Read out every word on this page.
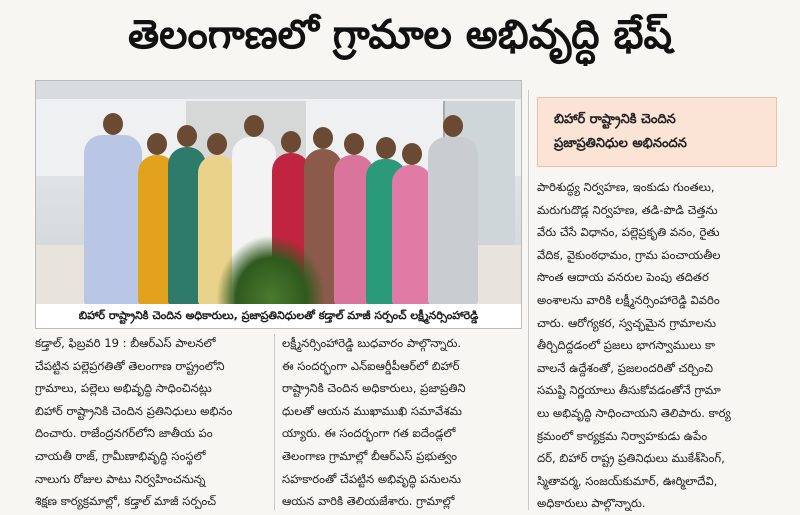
తెలంగాణలో గ్రామాల అభివృద్ధి భేష్
బిహార్ రాష్ట్రానికి చెందిన అధికారులు, ప్రజాప్రతినిధులతో కడ్తాల్ మాజీ సర్పంచ్ లక్ష్మీనర్సింహారెడ్డి
బిహార్ రాష్ట్రానికి చెందిన
ప్రజాప్రతినిధుల అభినందన

కడ్తాల్, ఫిబ్రవరి 19 : బీఆర్ఎస్ పాలనలో

చేపట్టిన పల్లెప్రగతితో తెలంగాణ రాష్ట్రంలోని

గ్రామాలు, పల్లెలు అభివృద్ధి సాధించినట్లు

బిహార్ రాష్ట్రానికి చెందిన ప్రతినిధులు అభినం

దించారు. రాజేంద్రనగర్‌లోని జాతీయ పం

చాయతీ రాజ్, గ్రామీణాభివృద్ధి సంస్థలో

నాలుగు రోజుల పాటు నిర్వహించనున్న

శిక్షణ కార్యక్రమాల్లో, కడ్తాల్ మాజీ సర్పంచ్

లక్ష్మీనర్సింహారెడ్డి బుధవారం పాల్గొన్నారు.

ఈ సందర్భంగా ఎన్ఐఆర్డీపీఆర్‌లో బిహార్

రాష్ట్రానికి చెందిన అధికారులు, ప్రజాప్రతిని

ధులతో ఆయన ముఖాముఖి సమావేశమ

య్యారు. ఈ సందర్భంగా గత ఐదేండ్లలో

తెలంగాణ గ్రామాల్లో బీఆర్ఎస్ ప్రభుత్వం

సహకారంతో చేపట్టిన అభివృద్ధి పనులను

ఆయన వారికి తెలియజేశారు. గ్రామాల్లో

పారిశుద్ధ్య నిర్వహణ, ఇంకుడు గుంతలు,

మరుగుదొడ్ల నిర్వహణ, తడి-పొడి చెత్తను

వేరు చేసే విధానం, పల్లెప్రకృతి వనం, రైతు

వేదిక, వైకుంఠధామం, గ్రామ పంచాయతీల

సొంత ఆదాయ వనరుల పెంపు తదితర

అంశాలను వారికి లక్ష్మీనర్సింహారెడ్డి వివరిం

చారు. ఆరోగ్యకర, స్వచ్ఛమైన గ్రామాలను

తీర్చిదిద్దడంలో ప్రజలు భాగస్వాములు కా

వాలనే ఉద్దేశంతో, ప్రజలందరితో చర్చించి

సమష్టి నిర్ణయాలు తీసుకోవడంతోనే గ్రామా

లు అభివృద్ధి సాధించాయని తెలిపారు. కార్య

క్రమంలో కార్యక్రమ నిర్వాహకుడు ఉపేం

దర్, బిహార్ రాష్ట్ర ప్రతినిధులు ముకేశ్‌సింగ్,

స్మితావర్మ, సంజయ్‌కుమార్, ఊర్మిలాదేవి,

అధికారులు పాల్గొన్నారు.
